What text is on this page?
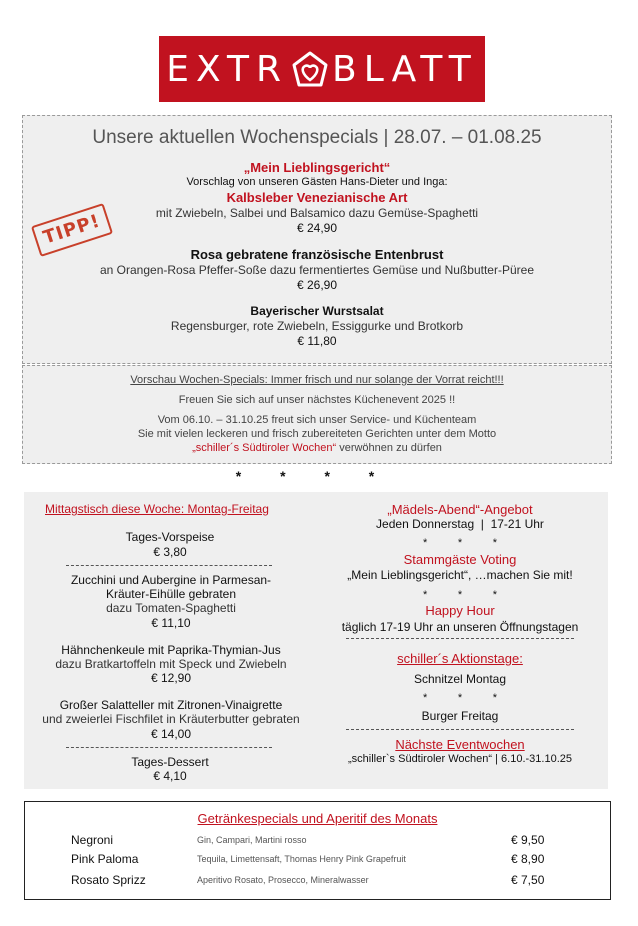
EXTR BLATT
Unsere aktuellen Wochenspecials | 28.07. – 01.08.25
TIPP!
„Mein Lieblingsgericht“
Vorschlag von unseren Gästen Hans-Dieter und Inga:
Kalbsleber Venezianische Art
mit Zwiebeln, Salbei und Balsamico dazu Gemüse-Spaghetti
€ 24,90
Rosa gebratene französische Entenbrust
an Orangen-Rosa Pfeffer-Soße dazu fermentiertes Gemüse und Nußbutter-Püree
€ 26,90
Bayerischer Wurstsalat
Regensburger, rote Zwiebeln, Essiggurke und Brotkorb
€ 11,80
Vorschau Wochen-Specials: Immer frisch und nur solange der Vorrat reicht!!!
Freuen Sie sich auf unser nächstes Küchenevent 2025 !!
Vom 06.10. – 31.10.25 freut sich unser Service- und Küchenteam
Sie mit vielen leckeren und frisch zubereiteten Gerichten unter dem Motto
„schiller´s Südtiroler Wochen“ verwöhnen zu dürfen
*          *          *          *
Mittagstisch diese Woche: Montag-Freitag
Tages-Vorspeise
€ 3,80
Zucchini und Aubergine in Parmesan-
Kräuter-Eihülle gebraten
dazu Tomaten-Spaghetti
€ 11,10
Hähnchenkeule mit Paprika-Thymian-Jus
dazu Bratkartoffeln mit Speck und Zwiebeln
€ 12,90
Großer Salatteller mit Zitronen-Vinaigrette
und zweierlei Fischfilet in Kräuterbutter gebraten
€ 14,00
Tages-Dessert
€ 4,10
„Mädels-Abend“-Angebot
Jeden Donnerstag  |  17-21 Uhr
*          *          *
Stammgäste Voting
„Mein Lieblingsgericht“, …machen Sie mit!
*          *          *
Happy Hour
täglich 17-19 Uhr an unseren Öffnungstagen
schiller´s Aktionstage:
Schnitzel Montag
*          *          *
Burger Freitag
Nächste Eventwochen
„schiller`s Südtiroler Wochen“ | 6.10.-31.10.25
Getränkespecials und Aperitif des Monats
Negroni	Gin, Campari, Martini rosso	€ 9,50
Pink Paloma	Tequila, Limettensaft, Thomas Henry Pink Grapefruit	€ 8,90
Rosato Sprizz	Aperitivo Rosato, Prosecco, Mineralwasser	€ 7,50
